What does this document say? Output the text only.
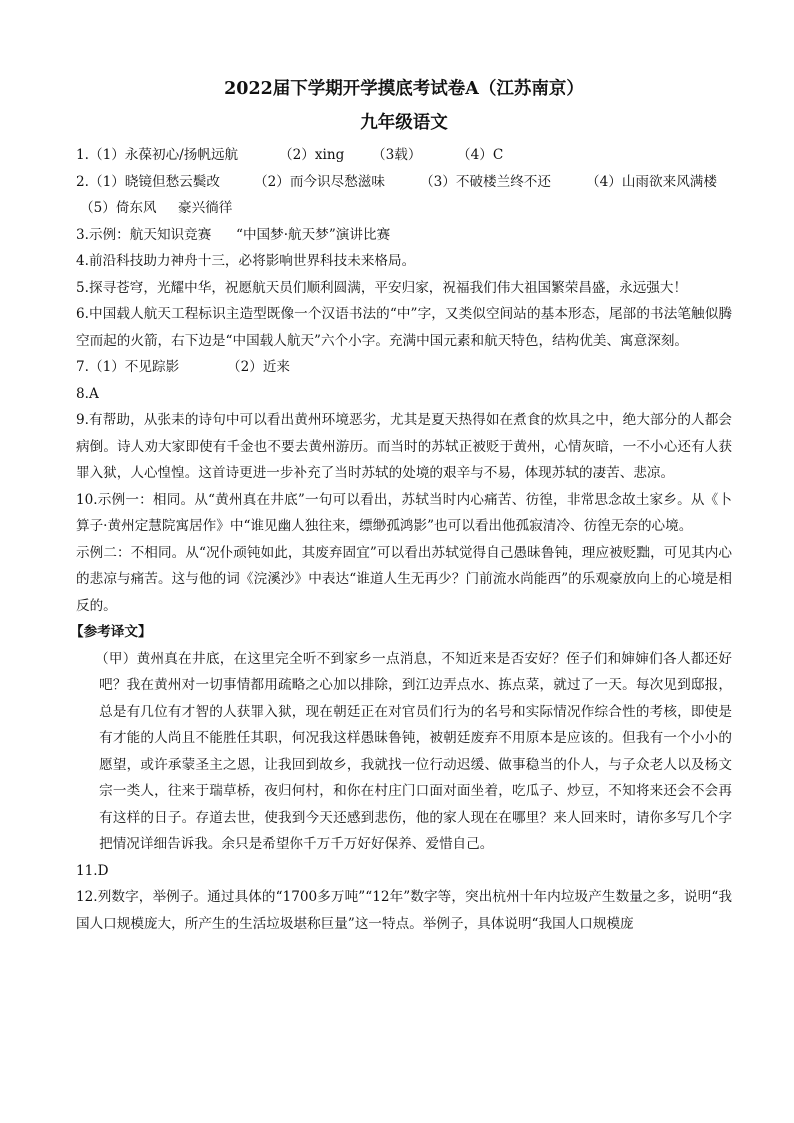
2022届下学期开学摸底考试卷A（江苏南京）
九年级语文

1.（1）永葆初心/扬帆远航	（2）xing （3载）	（4）C

2.（1）晓镜但愁云鬓改	（2）而今识尽愁滋味	（3）不破楼兰终不还	（4）山雨欲来风满楼

（5）倚东风 豪兴徜徉

3.示例：航天知识竞赛 “中国梦·航天梦”演讲比赛

4.前沿科技助力神舟十三，必将影响世界科技未来格局。

5.探寻苍穹，光耀中华，祝愿航天员们顺利圆满，平安归家，祝福我们伟大祖国繁荣昌盛，永远强大！

6.中国载人航天工程标识主造型既像一个汉语书法的“中”字，又类似空间站的基本形态，尾部的书法笔触似腾空而起的火箭，右下边是“中国载人航天”六个小字。充满中国元素和航天特色，结构优美、寓意深刻。

7.（1）不见踪影	（2）近来

8.A

9.有帮助，从张耒的诗句中可以看出黄州环境恶劣，尤其是夏天热得如在煮食的炊具之中，绝大部分的人都会病倒。诗人劝大家即使有千金也不要去黄州游历。而当时的苏轼正被贬于黄州，心情灰暗，一不小心还有人获罪入狱，人心惶惶。这首诗更进一步补充了当时苏轼的处境的艰辛与不易，体现苏轼的凄苦、悲凉。

10.示例一：相同。从“黄州真在井底”一句可以看出，苏轼当时内心痛苦、彷徨，非常思念故土家乡。从《卜算子·黄州定慧院寓居作》中“谁见幽人独往来，缥缈孤鸿影”也可以看出他孤寂清冷、彷徨无奈的心境。

示例二：不相同。从“况仆顽钝如此，其废弃固宜”可以看出苏轼觉得自己愚昧鲁钝，理应被贬黜，可见其内心的悲凉与痛苦。这与他的词《浣溪沙》中表达“谁道人生无再少？门前流水尚能西”的乐观豪放向上的心境是相反的。

【参考译文】

（甲）黄州真在井底，在这里完全听不到家乡一点消息，不知近来是否安好？侄子们和婶婶们各人都还好吧？我在黄州对一切事情都用疏略之心加以排除，到江边弄点水、拣点菜，就过了一天。每次见到邸报，总是有几位有才智的人获罪入狱，现在朝廷正在对官员们行为的名号和实际情况作综合性的考核，即使是有才能的人尚且不能胜任其职，何况我这样愚昧鲁钝，被朝廷废弃不用原本是应该的。但我有一个小小的愿望，或许承蒙圣主之恩，让我回到故乡，我就找一位行动迟缓、做事稳当的仆人，与子众老人以及杨文宗一类人，往来于瑞草桥，夜归何村，和你在村庄门口面对面坐着，吃瓜子、炒豆，不知将来还会不会再有这样的日子。存道去世，使我到今天还感到悲伤，他的家人现在在哪里？来人回来时，请你多写几个字把情况详细告诉我。余只是希望你千万千万好好保养、爱惜自己。

11.D

12.列数字，举例子。通过具体的“1700多万吨”“12年”数字等，突出杭州十年内垃圾产生数量之多，说明“我国人口规模庞大，所产生的生活垃圾堪称巨量”这一特点。举例子，具体说明“我国人口规模庞
